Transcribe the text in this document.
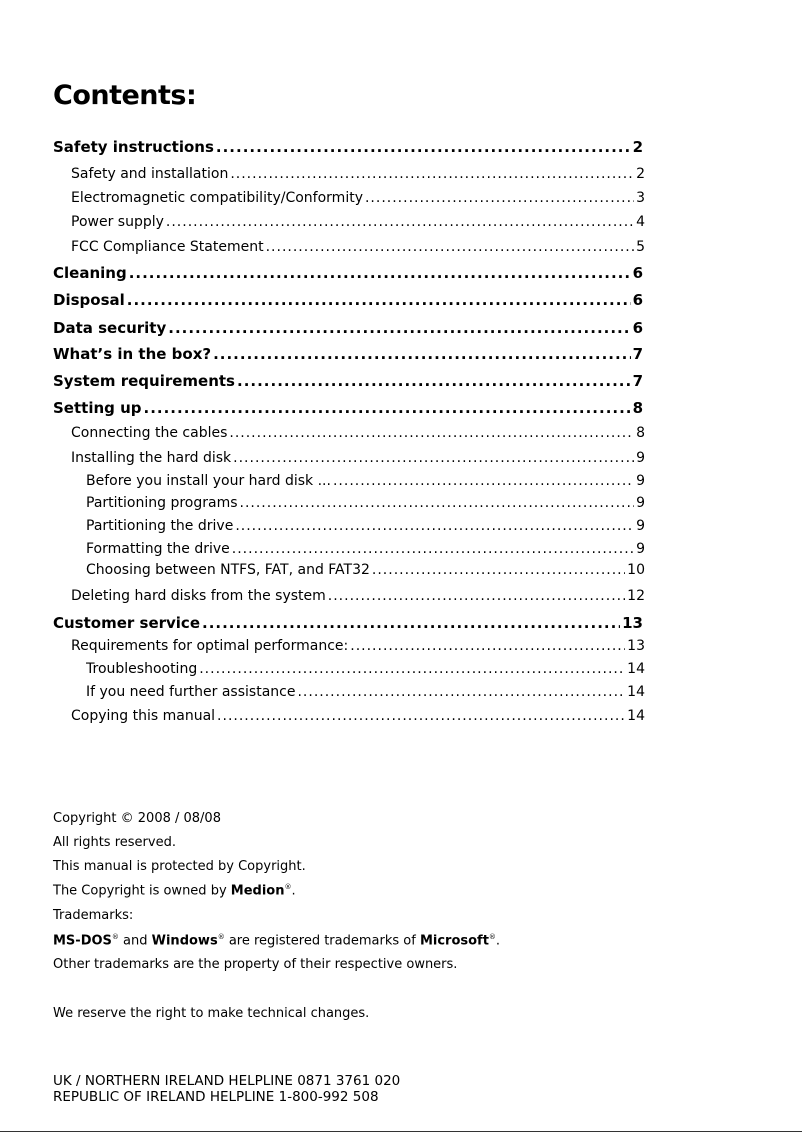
Contents:
Safety instructions .....	2
Safety and installation .....	2
Electromagnetic compatibility/Conformity .....	3
Power supply .....	4
FCC Compliance Statement .....	5
Cleaning .....	6
Disposal .....	6
Data security .....	6
What’s in the box? .....	7
System requirements .....	7
Setting up .....	8
Connecting the cables .....	8
Installing the hard disk .....	9
Before you install your hard disk ... .....	9
Partitioning programs .....	9
Partitioning the drive .....	9
Formatting the drive .....	9
Choosing between NTFS, FAT, and FAT32 .....	10
Deleting hard disks from the system .....	12
Customer service .....	13
Requirements for optimal performance: .....	13
Troubleshooting .....	14
If you need further assistance .....	14
Copying this manual .....	14
Copyright © 2008 / 08/08
All rights reserved.
This manual is protected by Copyright.
The Copyright is owned by Medion®.
Trademarks:
MS-DOS® and Windows® are registered trademarks of Microsoft®.
Other trademarks are the property of their respective owners.
We reserve the right to make technical changes.
UK / NORTHERN IRELAND HELPLINE 0871 3761 020
REPUBLIC OF IRELAND HELPLINE 1-800-992 508
